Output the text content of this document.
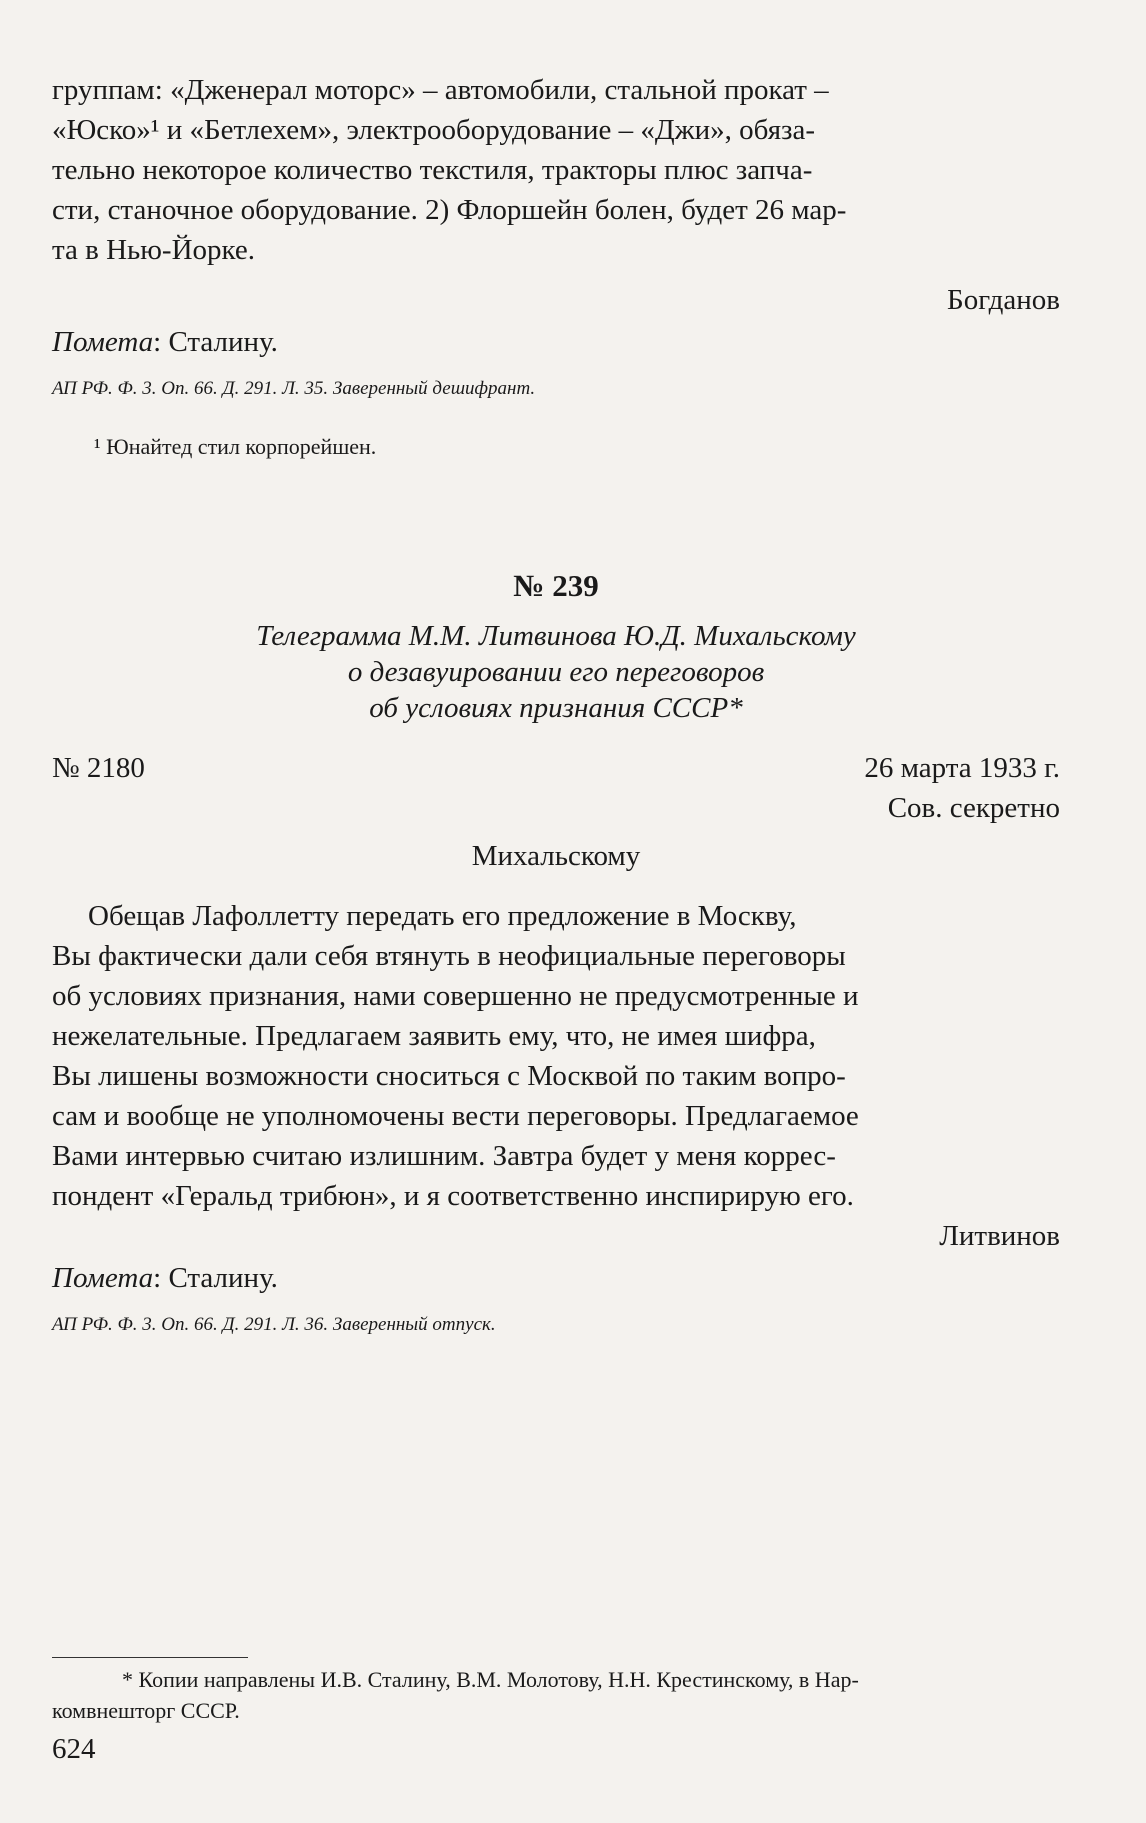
группам: «Дженерал моторс» – автомобили, стальной прокат –

«Юско»¹ и «Бетлехем», электрооборудование – «Джи», обяза-

тельно некоторое количество текстиля, тракторы плюс запча-

сти, станочное оборудование. 2) Флоршейн болен, будет 26 мар-

та в Нью-Йорке.

Богданов

Помета: Сталину.

АП РФ. Ф. 3. Оп. 66. Д. 291. Л. 35. Заверенный дешифрант.
¹ Юнайтед стил корпорейшен.
№ 239
Телеграмма М.М. Литвинова Ю.Д. Михальскому
о дезавуировании его переговоров
об условиях признания СССР*
№ 2180	26 марта 1933 г.
Сов. секретно
Михальскому

Обещав Лафоллетту передать его предложение в Москву,

Вы фактически дали себя втянуть в неофициальные переговоры

об условиях признания, нами совершенно не предусмотренные и

нежелательные. Предлагаем заявить ему, что, не имея шифра,

Вы лишены возможности сноситься с Москвой по таким вопро-

сам и вообще не уполномочены вести переговоры. Предлагаемое

Вами интервью считаю излишним. Завтра будет у меня коррес-

пондент «Геральд трибюн», и я соответственно инспирирую его.

Литвинов

Помета: Сталину.

АП РФ. Ф. 3. Оп. 66. Д. 291. Л. 36. Заверенный отпуск.
* Копии направлены И.В. Сталину, В.М. Молотову, Н.Н. Крестинскому, в Нар-
комвнешторг СССР.
624
